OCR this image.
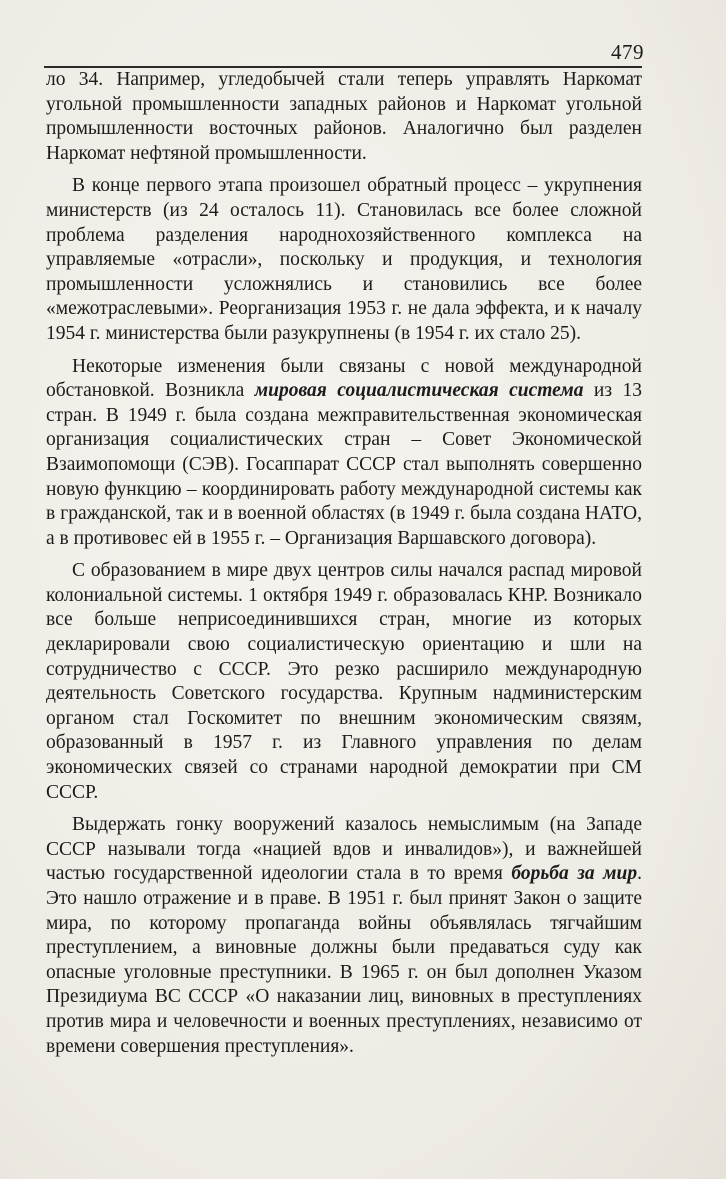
479

ло 34. Например, угледобычей стали теперь управлять Наркомат угольной промышленности западных районов и Наркомат угольной промышленности восточных районов. Аналогично был разделен Наркомат нефтяной промышленности.

В конце первого этапа произошел обратный процесс – укрупнения министерств (из 24 осталось 11). Становилась все более сложной проблема разделения народнохозяйственного комплекса на управляемые «отрасли», поскольку и продукция, и технология промышленности усложнялись и становились все более «межотраслевыми». Реорганизация 1953 г. не дала эффекта, и к началу 1954 г. министерства были разукрупнены (в 1954 г. их стало 25).

Некоторые изменения были связаны с новой международной обстановкой. Возникла мировая социалистическая система из 13 стран. В 1949 г. была создана межправительственная экономическая организация социалистических стран – Совет Экономической Взаимопомощи (СЭВ). Госаппарат СССР стал выполнять совершенно новую функцию – координировать работу международной системы как в гражданской, так и в военной областях (в 1949 г. была создана НАТО, а в противовес ей в 1955 г. – Организация Варшавского договора).

С образованием в мире двух центров силы начался распад мировой колониальной системы. 1 октября 1949 г. образовалась КНР. Возникало все больше неприсоединившихся стран, многие из которых декларировали свою социалистическую ориентацию и шли на сотрудничество с СССР. Это резко расширило международную деятельность Советского государства. Крупным надминистерским органом стал Госкомитет по внешним экономическим связям, образованный в 1957 г. из Главного управления по делам экономических связей со странами народной демократии при СМ СССР.

Выдержать гонку вооружений казалось немыслимым (на Западе СССР называли тогда «нацией вдов и инвалидов»), и важнейшей частью государственной идеологии стала в то время борьба за мир. Это нашло отражение и в праве. В 1951 г. был принят Закон о защите мира, по которому пропаганда войны объявлялась тягчайшим преступлением, а виновные должны были предаваться суду как опасные уголовные преступники. В 1965 г. он был дополнен Указом Президиума ВС СССР «О наказании лиц, виновных в преступлениях против мира и человечности и военных преступлениях, независимо от времени совершения преступления».
